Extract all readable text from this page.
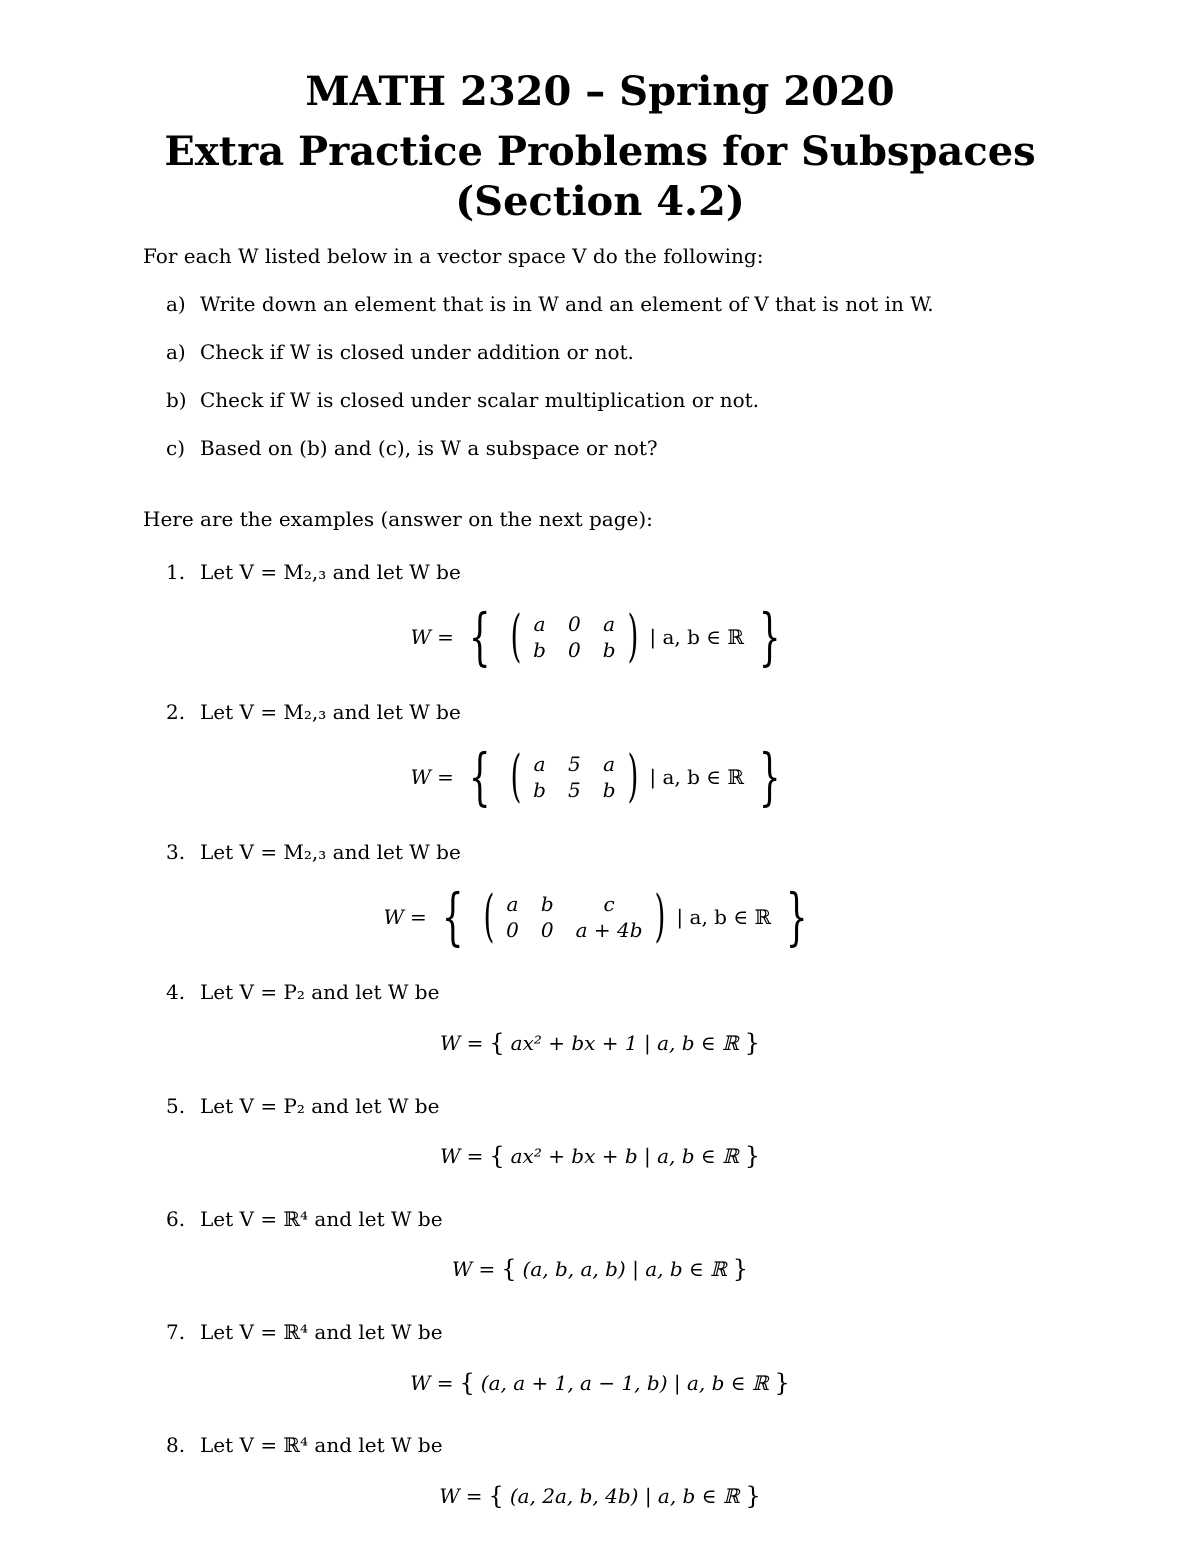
MATH 2320 – Spring 2020
Extra Practice Problems for Subspaces
(Section 4.2)
For each W listed below in a vector space V do the following:
a) Write down an element that is in W and an element of V that is not in W.
a) Check if W is closed under addition or not.
b) Check if W is closed under scalar multiplication or not.
c) Based on (b) and (c), is W a subspace or not?
Here are the examples (answer on the next page):
1. Let V = M₂,₃ and let W be
W = { ( a 0 a
b 0 b ) | a, b ∈ ℝ }
2. Let V = M₂,₃ and let W be
W = { ( a 5 a
b 5 b ) | a, b ∈ ℝ }
3. Let V = M₂,₃ and let W be
W = { ( a b	c
0 0 a + 4b ) | a, b ∈ ℝ }
4. Let V = P₂ and let W be
W = { ax² + bx + 1 | a, b ∈ ℝ }
5. Let V = P₂ and let W be
W = { ax² + bx + b | a, b ∈ ℝ }
6. Let V = ℝ⁴ and let W be
W = { (a, b, a, b) | a, b ∈ ℝ }
7. Let V = ℝ⁴ and let W be
W = { (a, a + 1, a − 1, b) | a, b ∈ ℝ }
8. Let V = ℝ⁴ and let W be
W = { (a, 2a, b, 4b) | a, b ∈ ℝ }
